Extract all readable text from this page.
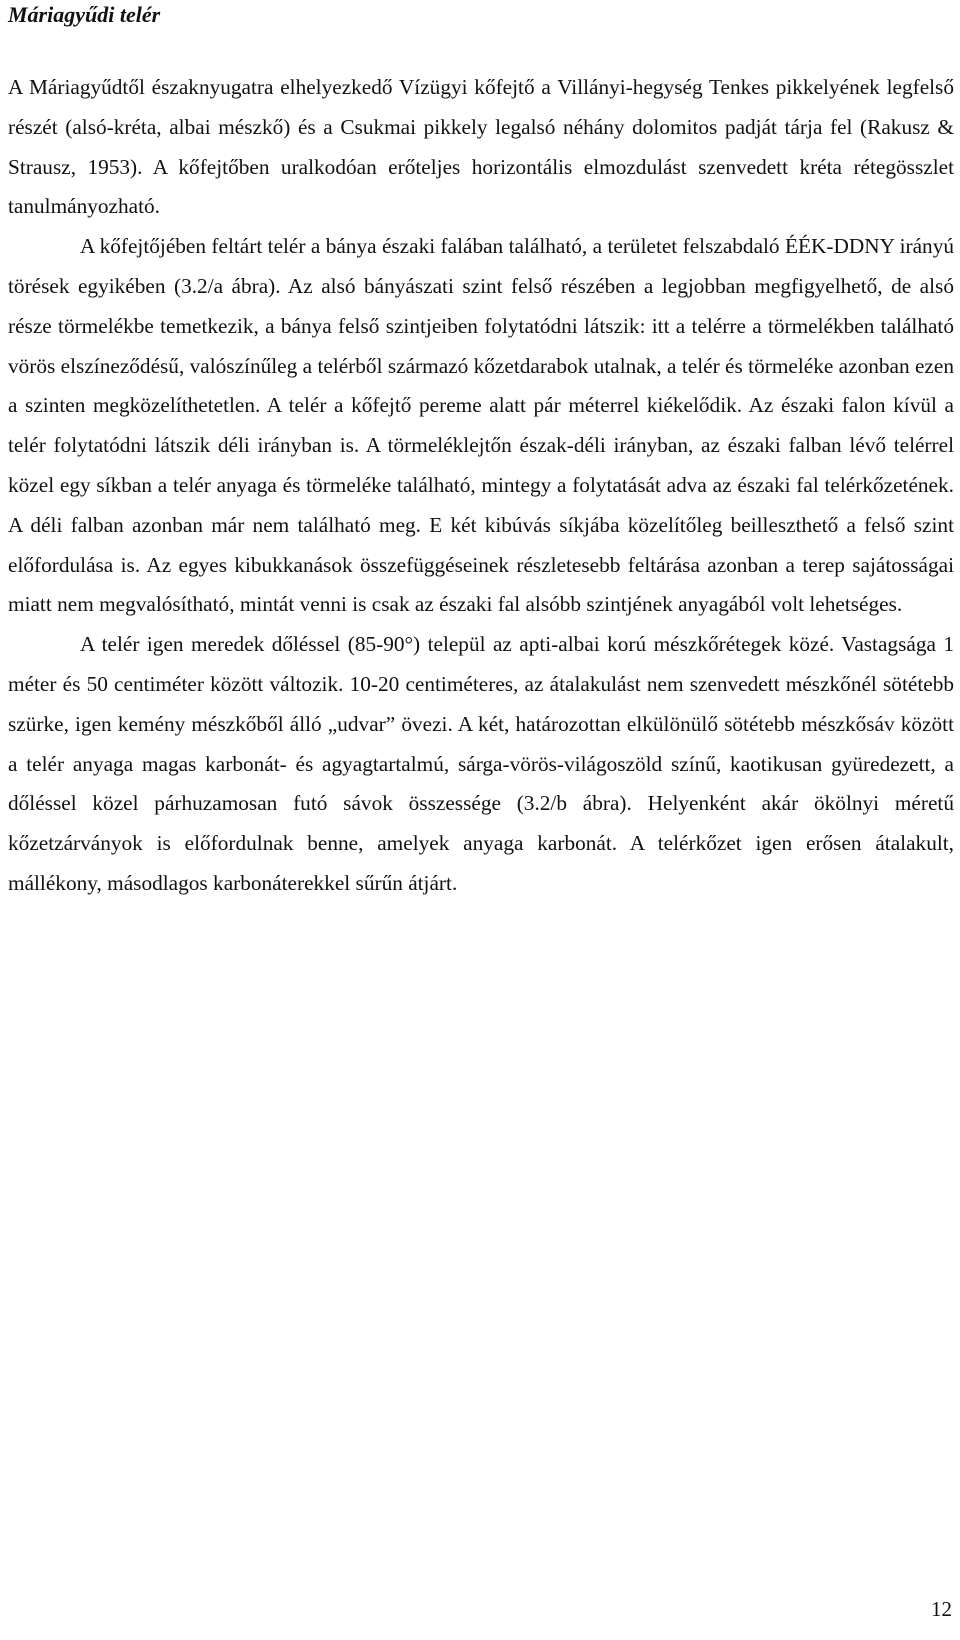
Máriagyűdi telér

A Máriagyűdtől északnyugatra elhelyezkedő Vízügyi kőfejtő a Villányi-hegység Tenkes pikkelyének legfelső részét (alsó-kréta, albai mészkő) és a Csukmai pikkely legalsó néhány dolomitos padját tárja fel (Rakusz & Strausz, 1953). A kőfejtőben uralkodóan erőteljes horizontális elmozdulást szenvedett kréta rétegösszlet tanulmányozható.

A kőfejtőjében feltárt telér a bánya északi falában található, a területet felszabdaló ÉÉK-DDNY irányú törések egyikében (3.2/a ábra). Az alsó bányászati szint felső részében a legjobban megfigyelhető, de alsó része törmelékbe temetkezik, a bánya felső szintjeiben folytatódni látszik: itt a telérre a törmelékben található vörös elszíneződésű, valószínűleg a telérből származó kőzetdarabok utalnak, a telér és törmeléke azonban ezen a szinten megközelíthetetlen. A telér a kőfejtő pereme alatt pár méterrel kiékelődik. Az északi falon kívül a telér folytatódni látszik déli irányban is. A törmeléklejtőn észak-déli irányban, az északi falban lévő telérrel közel egy síkban a telér anyaga és törmeléke található, mintegy a folytatását adva az északi fal telérkőzetének. A déli falban azonban már nem található meg. E két kibúvás síkjába közelítőleg beilleszthető a felső szint előfordulása is. Az egyes kibukkanások összefüggéseinek részletesebb feltárása azonban a terep sajátosságai miatt nem megvalósítható, mintát venni is csak az északi fal alsóbb szintjének anyagából volt lehetséges.

A telér igen meredek dőléssel (85-90°) települ az apti-albai korú mészkőrétegek közé. Vastagsága 1 méter és 50 centiméter között változik. 10-20 centiméteres, az átalakulást nem szenvedett mészkőnél sötétebb szürke, igen kemény mészkőből álló „udvar” övezi. A két, határozottan elkülönülő sötétebb mészkősáv között a telér anyaga magas karbonát- és agyagtartalmú, sárga-vörös-világoszöld színű, kaotikusan gyüredezett, a dőléssel közel párhuzamosan futó sávok összessége (3.2/b ábra). Helyenként akár ökölnyi méretű kőzetzárványok is előfordulnak benne, amelyek anyaga karbonát. A telérkőzet igen erősen átalakult, mállékony, másodlagos karbonáterekkel sűrűn átjárt.

12
